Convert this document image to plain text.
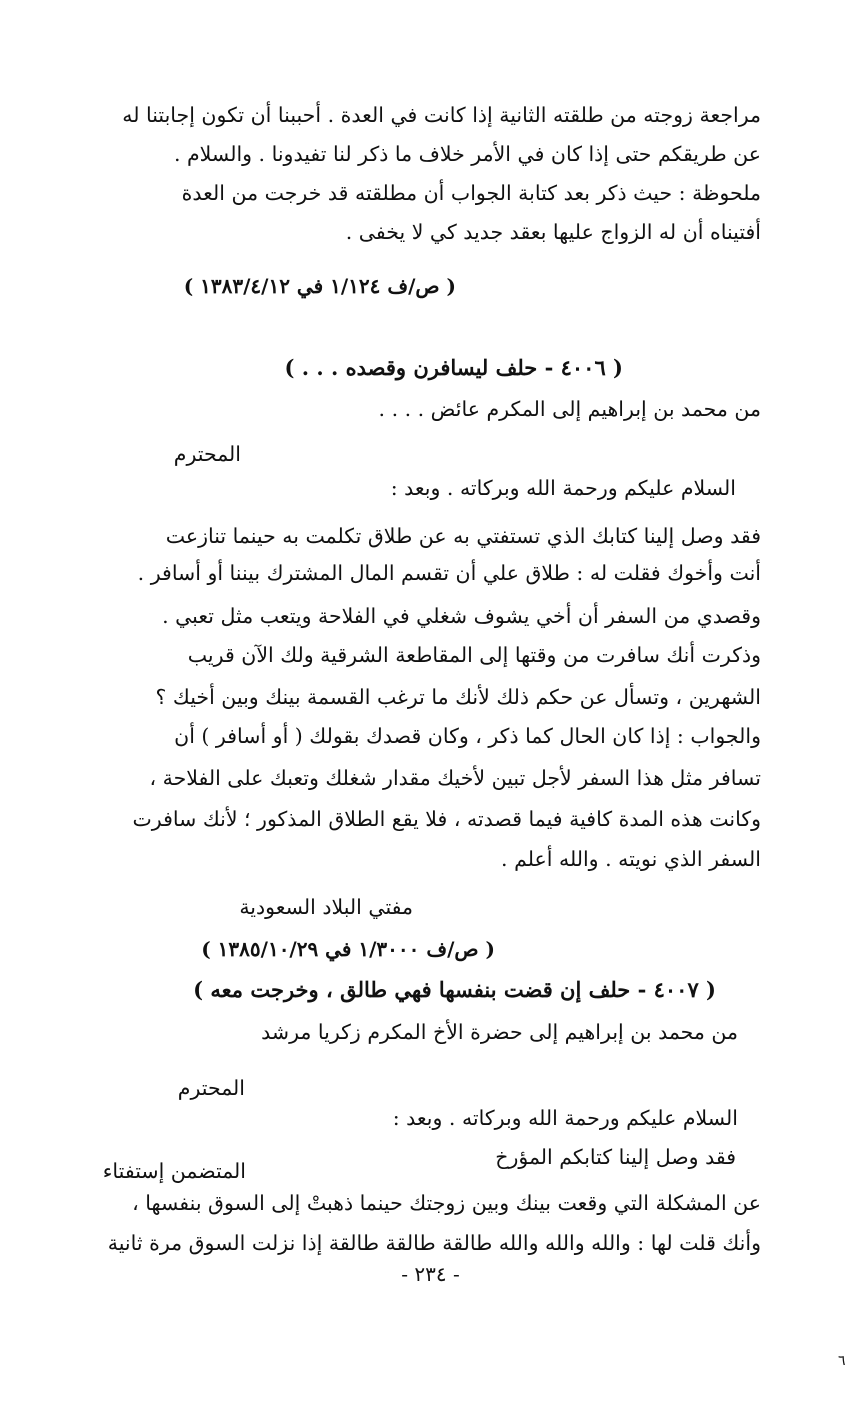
مراجعة زوجته من طلقته الثانية إذا كانت في العدة . أحببنا أن تكون إجابتنا له
عن طريقكم حتى إذا كان في الأمر خلاف ما ذكر لنا تفيدونا . والسلام .
ملحوظة : حيث ذكر بعد كتابة الجواب أن مطلقته قد خرجت من العدة
أفتيناه أن له الزواج عليها بعقد جديد كي لا يخفى .
( ص/ف ١/١٢٤ في ١٣٨٣/٤/١٢ )
( ٤٠٠٦ - حلف ليسافرن وقصده . . . )
من محمد بن إبراهيم إلى المكرم عائض . . . .
المحترم
السلام عليكم ورحمة الله وبركاته . وبعد :
فقد وصل إلينا كتابك الذي تستفتي به عن طلاق تكلمت به حينما تنازعت
أنت وأخوك فقلت له : طلاق علي أن تقسم المال المشترك بيننا أو أسافر .
وقصدي من السفر أن أخي يشوف شغلي في الفلاحة ويتعب مثل تعبي .
وذكرت أنك سافرت من وقتها إلى المقاطعة الشرقية ولك الآن قريب
الشهرين ، وتسأل عن حكم ذلك لأنك ما ترغب القسمة بينك وبين أخيك ؟
والجواب : إذا كان الحال كما ذكر ، وكان قصدك بقولك ( أو أسافر ) أن
تسافر مثل هذا السفر لأجل تبين لأخيك مقدار شغلك وتعبك على الفلاحة ،
وكانت هذه المدة كافية فيما قصدته ، فلا يقع الطلاق المذكور ؛ لأنك سافرت
السفر الذي نويته . والله أعلم .
مفتي البلاد السعودية
( ص/ف ١/٣٠٠٠ في ١٣٨٥/١٠/٢٩ )
( ٤٠٠٧ - حلف إن قضت بنفسها فهي طالق ، وخرجت معه )
من محمد بن إبراهيم إلى حضرة الأخ المكرم زكريا مرشد
المحترم
السلام عليكم ورحمة الله وبركاته . وبعد :
فقد وصل إلينا كتابكم المؤرخ
المتضمن إستفتاء
عن المشكلة التي وقعت بينك وبين زوجتك حينما ذهبتْ إلى السوق بنفسها ،
وأنك قلت لها : والله والله والله طالقة طالقة طالقة إذا نزلت السوق مرة ثانية
- ٢٣٤ -
٦
